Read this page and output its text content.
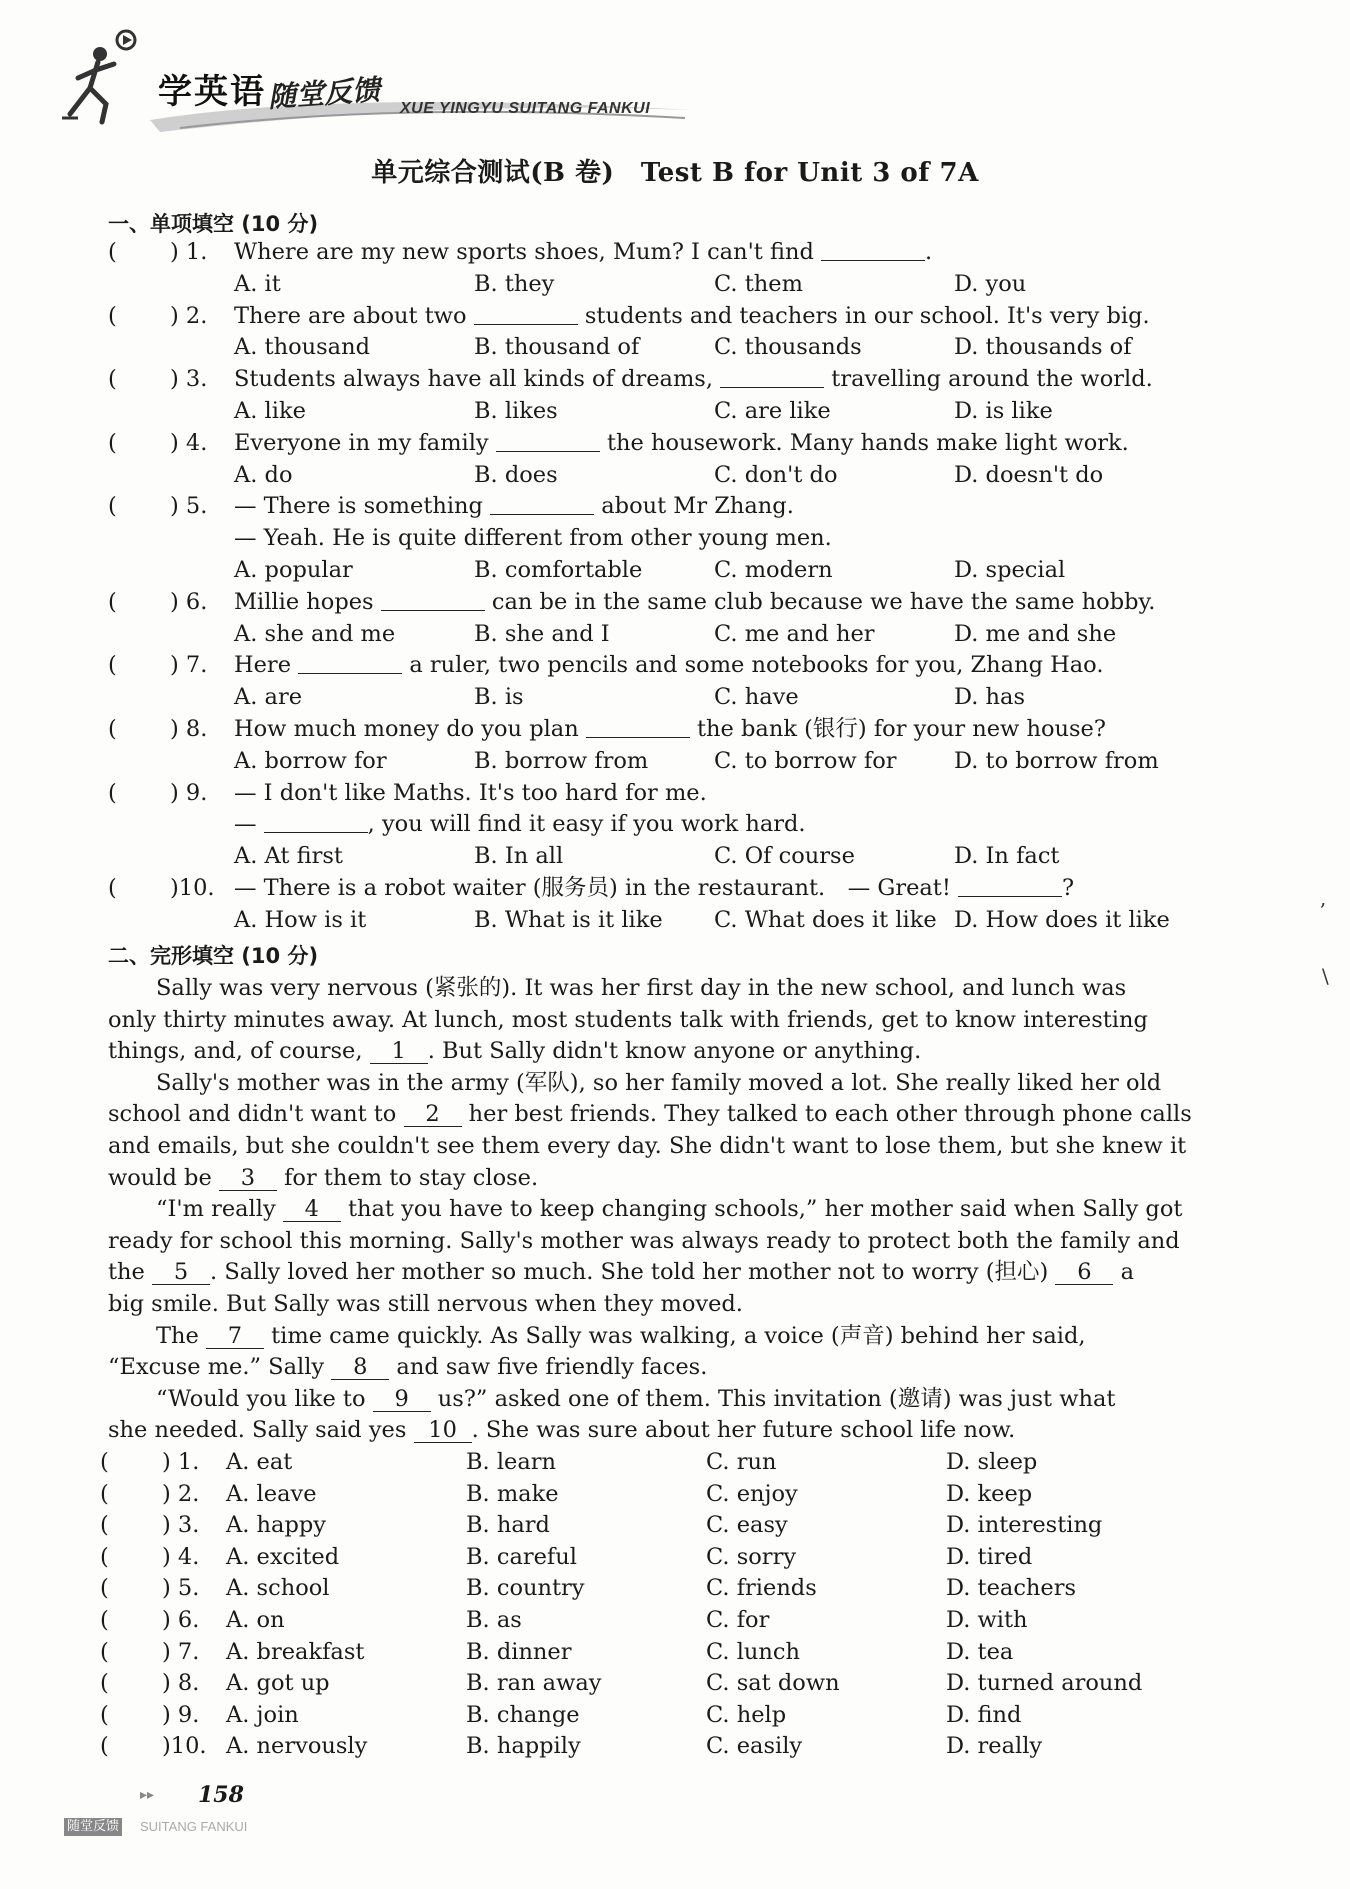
学英语 随堂反馈 XUE YINGYU SUITANG FANKUI
单元综合测试(B 卷)　Test B for Unit 3 of 7A
一、单项填空 (10 分)
( ) 1. Where are my new sports shoes, Mum? I can't find	.
A. it	B. they	C. them	D. you
( ) 2. There are about two	students and teachers in our school. It's very big.
A. thousand	B. thousand of	C. thousands	D. thousands of
( ) 3. Students always have all kinds of dreams,	travelling around the world.
A. like	B. likes	C. are like	D. is like
( ) 4. Everyone in my family	the housework. Many hands make light work.
A. do	B. does	C. don't do	D. doesn't do
( ) 5. — There is something	about Mr Zhang.
— Yeah. He is quite different from other young men.
A. popular	B. comfortable	C. modern	D. special
( ) 6. Millie hopes	can be in the same club because we have the same hobby.
A. she and me	B. she and I	C. me and her	D. me and she
( ) 7. Here	a ruler, two pencils and some notebooks for you, Zhang Hao.
A. are	B. is	C. have	D. has
( ) 8. How much money do you plan	the bank (银行) for your new house?
A. borrow for	B. borrow from	C. to borrow for	D. to borrow from
( ) 9. — I don't like Maths. It's too hard for me.
—	, you will find it easy if you work hard.
A. At first	B. In all	C. Of course	D. In fact
( )10. — There is a robot waiter (服务员) in the restaurant.　— Great!	?
A. How is it	B. What is it like C. What does it like D. How does it like
二、完形填空 (10 分)
Sally was very nervous (紧张的). It was her first day in the new school, and lunch was
only thirty minutes away. At lunch, most students talk with friends, get to know interesting
things, and, of course, 1 . But Sally didn't know anyone or anything.
Sally's mother was in the army (军队), so her family moved a lot. She really liked her old
school and didn't want to 2 her best friends. They talked to each other through phone calls
and emails, but she couldn't see them every day. She didn't want to lose them, but she knew it
would be 3 for them to stay close.
“I'm really 4 that you have to keep changing schools,” her mother said when Sally got
ready for school this morning. Sally's mother was always ready to protect both the family and
the 5 . Sally loved her mother so much. She told her mother not to worry (担心) 6 a
big smile. But Sally was still nervous when they moved.
The 7 time came quickly. As Sally was walking, a voice (声音) behind her said,
“Excuse me.” Sally 8 and saw five friendly faces.
“Would you like to 9 us?” asked one of them. This invitation (邀请) was just what
she needed. Sally said yes 10 . She was sure about her future school life now.
( ) 1. A. eat	B. learn	C. run	D. sleep
( ) 2. A. leave	B. make	C. enjoy	D. keep
( ) 3. A. happy	B. hard	C. easy	D. interesting
( ) 4. A. excited	B. careful	C. sorry	D. tired
( ) 5. A. school	B. country	C. friends	D. teachers
( ) 6. A. on	B. as	C. for	D. with
( ) 7. A. breakfast	B. dinner	C. lunch	D. tea
( ) 8. A. got up	B. ran away	C. sat down	D. turned around
( ) 9. A. join	B. change	C. help	D. find
( )10. A. nervously	B. happily	C. easily	D. really
,
\
▸▸ 158
随堂反馈 SUITANG FANKUI
